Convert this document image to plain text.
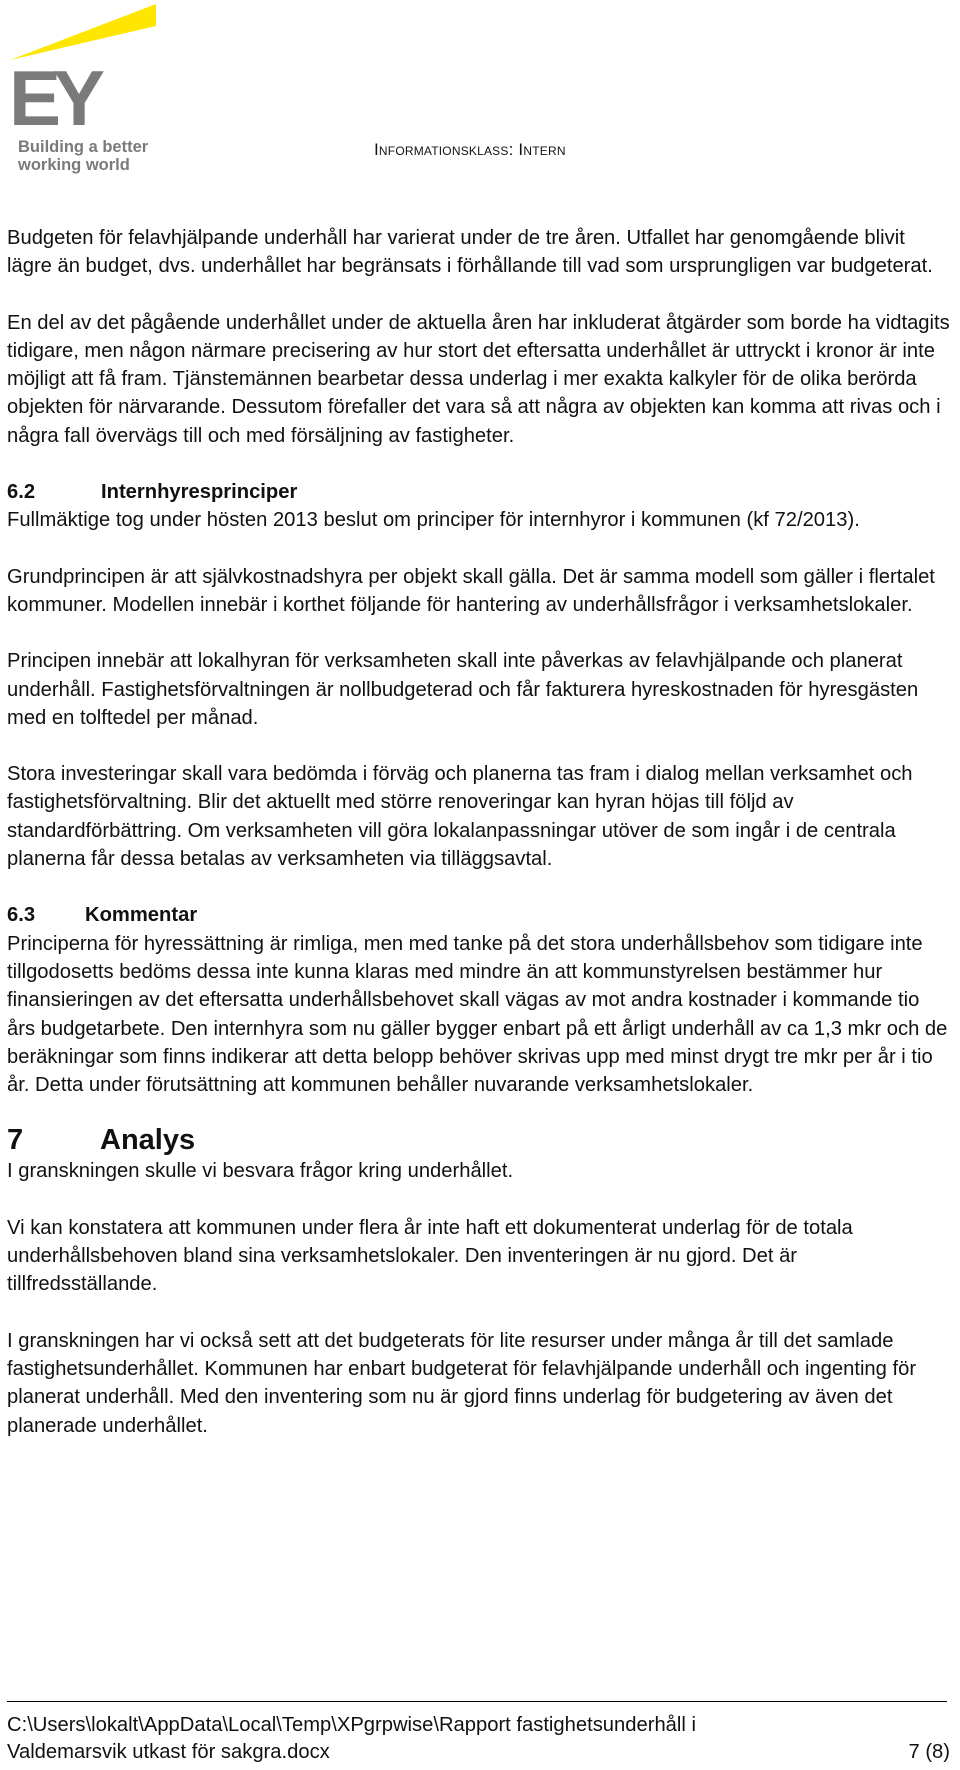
EY
Building a better
working world
Informationsklass: Intern

Budgeten för felavhjälpande underhåll har varierat under de tre åren. Utfallet har genomgående blivit lägre än budget, dvs. underhållet har begränsats i förhållande till vad som ursprungligen var budgeterat.

En del av det pågående underhållet under de aktuella åren har inkluderat åtgärder som borde ha vidtagits tidigare, men någon närmare precisering av hur stort det eftersatta underhållet är uttryckt i kronor är inte möjligt att få fram. Tjänstemännen bearbetar dessa underlag i mer exakta kalkyler för de olika berörda objekten för närvarande. Dessutom förefaller det vara så att några av objekten kan komma att rivas och i några fall övervägs till och med försäljning av fastigheter.

6.2	Internhyresprinciper

Fullmäktige tog under hösten 2013 beslut om principer för internhyror i kommunen (kf 72/2013).

Grundprincipen är att självkostnadshyra per objekt skall gälla. Det är samma modell som gäller i flertalet kommuner. Modellen innebär i korthet följande för hantering av underhållsfrågor i verksamhetslokaler.

Principen innebär att lokalhyran för verksamheten skall inte påverkas av felavhjälpande och planerat underhåll. Fastighetsförvaltningen är nollbudgeterad och får fakturera hyreskostnaden för hyresgästen med en tolftedel per månad.

Stora investeringar skall vara bedömda i förväg och planerna tas fram i dialog mellan verksamhet och fastighetsförvaltning. Blir det aktuellt med större renoveringar kan hyran höjas till följd av standardförbättring. Om verksamheten vill göra lokalanpassningar utöver de som ingår i de centrala planerna får dessa betalas av verksamheten via tilläggsavtal.

6.3 Kommentar

Principerna för hyressättning är rimliga, men med tanke på det stora underhållsbehov som tidigare inte tillgodosetts bedöms dessa inte kunna klaras med mindre än att kommunstyrelsen bestämmer hur finansieringen av det eftersatta underhållsbehovet skall vägas av mot andra kostnader i kommande tio års budgetarbete. Den internhyra som nu gäller bygger enbart på ett årligt underhåll av ca 1,3 mkr och de beräkningar som finns indikerar att detta belopp behöver skrivas upp med minst drygt tre mkr per år i tio år. Detta under förutsättning att kommunen behåller nuvarande verksamhetslokaler.

7	Analys

I granskningen skulle vi besvara frågor kring underhållet.

Vi kan konstatera att kommunen under flera år inte haft ett dokumenterat underlag för de totala underhållsbehoven bland sina verksamhetslokaler. Den inventeringen är nu gjord. Det är tillfredsställande.

I granskningen har vi också sett att det budgeterats för lite resurser under många år till det samlade fastighetsunderhållet. Kommunen har enbart budgeterat för felavhjälpande underhåll och ingenting för planerat underhåll. Med den inventering som nu är gjord finns underlag för budgetering av även det planerade underhållet.

C:\Users\lokalt\AppData\Local\Temp\XPgrpwise\Rapport fastighetsunderhåll i
Valdemarsvik utkast för sakgra.docx	7 (8)
